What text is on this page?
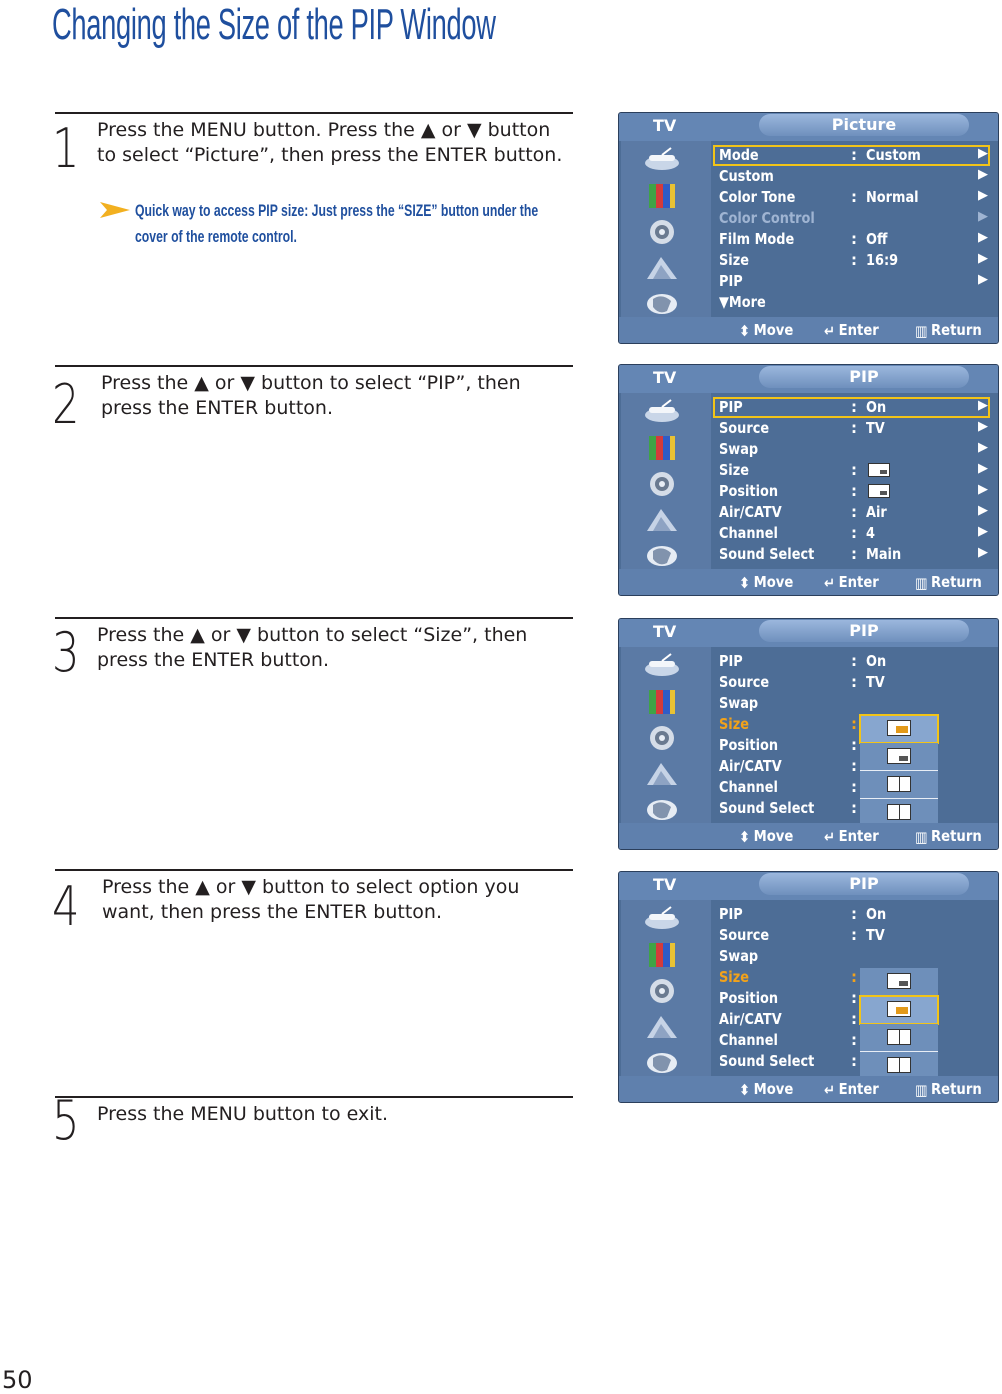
Changing the Size of the PIP Window
1 Press the MENU button. Press the ▲ or ▼ button to select “Picture”, then press the ENTER button.
Quick way to access PIP size: Just press the “SIZE” button under the cover of the remote control.
2 Press the ▲ or ▼ button to select “PIP”, then press the ENTER button.
3 Press the ▲ or ▼ button to select “Size”, then press the ENTER button.
4 Press the ▲ or ▼ button to select option you want, then press the ENTER button.
5 Press the MENU button to exit.
50
TV	Picture
Mode	: Custom	▶
Custom	▶
Color Tone	: Normal	▶
Color Control	▶
Film Mode	: Off	▶
Size	: 16:9	▶
PIP	▶
▼More
⬍ Move ↵ Enter ▥ Return
TV	PIP
PIP	: On	▶
Source	: TV	▶
Swap	▶
Size	:	▶
Position	:	▶
Air/CATV	: Air	▶
Channel	: 4	▶
Sound Select : Main	▶
⬍ Move ↵ Enter ▥ Return
TV	PIP
PIP	: On
Source	: TV
Swap
Size	:
Position	:
Air/CATV	:
Channel	:
Sound Select :
⬍ Move ↵ Enter ▥ Return
TV	PIP
PIP	: On
Source	: TV
Swap
Size	:
Position	:
Air/CATV	:
Channel	:
Sound Select :
⬍ Move ↵ Enter ▥ Return
